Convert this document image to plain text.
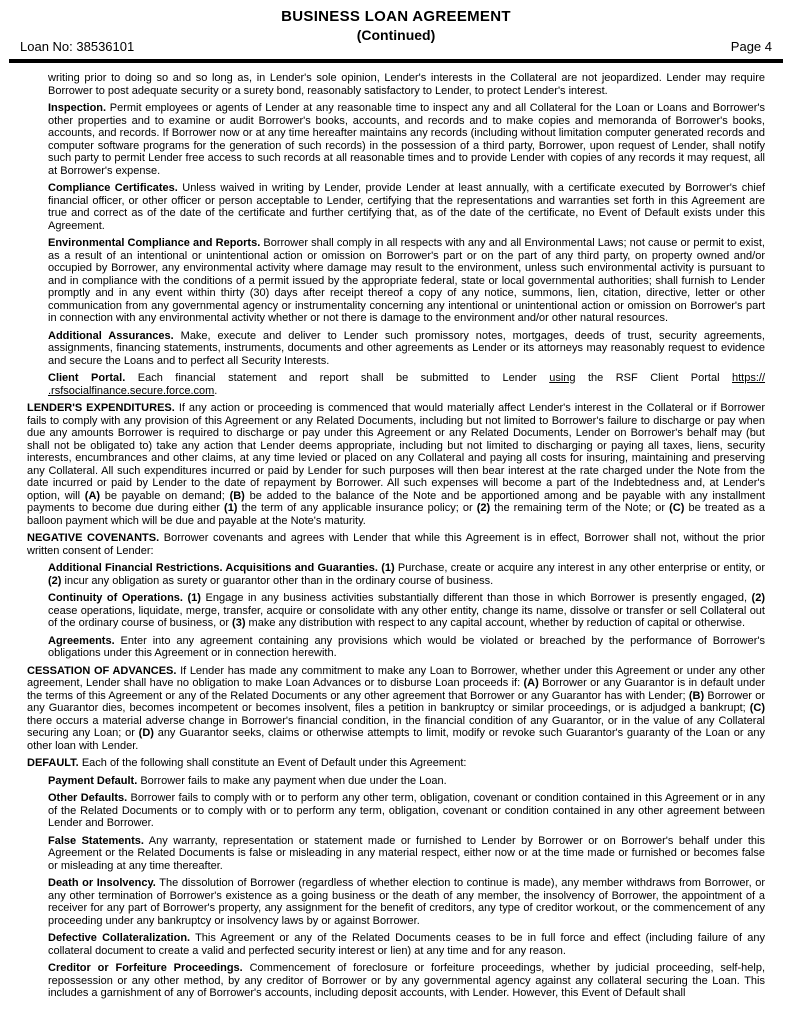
BUSINESS LOAN AGREEMENT
(Continued)
Loan No: 38536101	Page 4
writing prior to doing so and so long as, in Lender's sole opinion, Lender's interests in the Collateral are not jeopardized. Lender may require Borrower to post adequate security or a surety bond, reasonably satisfactory to Lender, to protect Lender's interest.
Inspection. Permit employees or agents of Lender at any reasonable time to inspect any and all Collateral for the Loan or Loans and Borrower's other properties and to examine or audit Borrower's books, accounts, and records and to make copies and memoranda of Borrower's books, accounts, and records. If Borrower now or at any time hereafter maintains any records (including without limitation computer generated records and computer software programs for the generation of such records) in the possession of a third party, Borrower, upon request of Lender, shall notify such party to permit Lender free access to such records at all reasonable times and to provide Lender with copies of any records it may request, all at Borrower's expense.
Compliance Certificates. Unless waived in writing by Lender, provide Lender at least annually, with a certificate executed by Borrower's chief financial officer, or other officer or person acceptable to Lender, certifying that the representations and warranties set forth in this Agreement are true and correct as of the date of the certificate and further certifying that, as of the date of the certificate, no Event of Default exists under this Agreement.
Environmental Compliance and Reports. Borrower shall comply in all respects with any and all Environmental Laws; not cause or permit to exist, as a result of an intentional or unintentional action or omission on Borrower's part or on the part of any third party, on property owned and/or occupied by Borrower, any environmental activity where damage may result to the environment, unless such environmental activity is pursuant to and in compliance with the conditions of a permit issued by the appropriate federal, state or local governmental authorities; shall furnish to Lender promptly and in any event within thirty (30) days after receipt thereof a copy of any notice, summons, lien, citation, directive, letter or other communication from any governmental agency or instrumentality concerning any intentional or unintentional action or omission on Borrower's part in connection with any environmental activity whether or not there is damage to the environment and/or other natural resources.
Additional Assurances. Make, execute and deliver to Lender such promissory notes, mortgages, deeds of trust, security agreements, assignments, financing statements, instruments, documents and other agreements as Lender or its attorneys may reasonably request to evidence and secure the Loans and to perfect all Security Interests.
Client Portal. Each financial statement and report shall be submitted to Lender using the RSF Client Portal https:// .rsfsocialfinance.secure.force.com.
LENDER'S EXPENDITURES. If any action or proceeding is commenced that would materially affect Lender's interest in the Collateral or if Borrower fails to comply with any provision of this Agreement or any Related Documents, including but not limited to Borrower's failure to discharge or pay when due any amounts Borrower is required to discharge or pay under this Agreement or any Related Documents, Lender on Borrower's behalf may (but shall not be obligated to) take any action that Lender deems appropriate, including but not limited to discharging or paying all taxes, liens, security interests, encumbrances and other claims, at any time levied or placed on any Collateral and paying all costs for insuring, maintaining and preserving any Collateral. All such expenditures incurred or paid by Lender for such purposes will then bear interest at the rate charged under the Note from the date incurred or paid by Lender to the date of repayment by Borrower. All such expenses will become a part of the Indebtedness and, at Lender's option, will (A) be payable on demand; (B) be added to the balance of the Note and be apportioned among and be payable with any installment payments to become due during either (1) the term of any applicable insurance policy; or (2) the remaining term of the Note; or (C) be treated as a balloon payment which will be due and payable at the Note's maturity.
NEGATIVE COVENANTS. Borrower covenants and agrees with Lender that while this Agreement is in effect, Borrower shall not, without the prior written consent of Lender:
Additional Financial Restrictions. Acquisitions and Guaranties. (1) Purchase, create or acquire any interest in any other enterprise or entity, or (2) incur any obligation as surety or guarantor other than in the ordinary course of business.
Continuity of Operations. (1) Engage in any business activities substantially different than those in which Borrower is presently engaged, (2) cease operations, liquidate, merge, transfer, acquire or consolidate with any other entity, change its name, dissolve or transfer or sell Collateral out of the ordinary course of business, or (3) make any distribution with respect to any capital account, whether by reduction of capital or otherwise.
Agreements. Enter into any agreement containing any provisions which would be violated or breached by the performance of Borrower's obligations under this Agreement or in connection herewith.
CESSATION OF ADVANCES. If Lender has made any commitment to make any Loan to Borrower, whether under this Agreement or under any other agreement, Lender shall have no obligation to make Loan Advances or to disburse Loan proceeds if: (A) Borrower or any Guarantor is in default under the terms of this Agreement or any of the Related Documents or any other agreement that Borrower or any Guarantor has with Lender; (B) Borrower or any Guarantor dies, becomes incompetent or becomes insolvent, files a petition in bankruptcy or similar proceedings, or is adjudged a bankrupt; (C) there occurs a material adverse change in Borrower's financial condition, in the financial condition of any Guarantor, or in the value of any Collateral securing any Loan; or (D) any Guarantor seeks, claims or otherwise attempts to limit, modify or revoke such Guarantor's guaranty of the Loan or any other loan with Lender.
DEFAULT. Each of the following shall constitute an Event of Default under this Agreement:
Payment Default. Borrower fails to make any payment when due under the Loan.
Other Defaults. Borrower fails to comply with or to perform any other term, obligation, covenant or condition contained in this Agreement or in any of the Related Documents or to comply with or to perform any term, obligation, covenant or condition contained in any other agreement between Lender and Borrower.
False Statements. Any warranty, representation or statement made or furnished to Lender by Borrower or on Borrower's behalf under this Agreement or the Related Documents is false or misleading in any material respect, either now or at the time made or furnished or becomes false or misleading at any time thereafter.
Death or Insolvency. The dissolution of Borrower (regardless of whether election to continue is made), any member withdraws from Borrower, or any other termination of Borrower's existence as a going business or the death of any member, the insolvency of Borrower, the appointment of a receiver for any part of Borrower's property, any assignment for the benefit of creditors, any type of creditor workout, or the commencement of any proceeding under any bankruptcy or insolvency laws by or against Borrower.
Defective Collateralization. This Agreement or any of the Related Documents ceases to be in full force and effect (including failure of any collateral document to create a valid and perfected security interest or lien) at any time and for any reason.
Creditor or Forfeiture Proceedings. Commencement of foreclosure or forfeiture proceedings, whether by judicial proceeding, self-help, repossession or any other method, by any creditor of Borrower or by any governmental agency against any collateral securing the Loan. This includes a garnishment of any of Borrower's accounts, including deposit accounts, with Lender. However, this Event of Default shall
